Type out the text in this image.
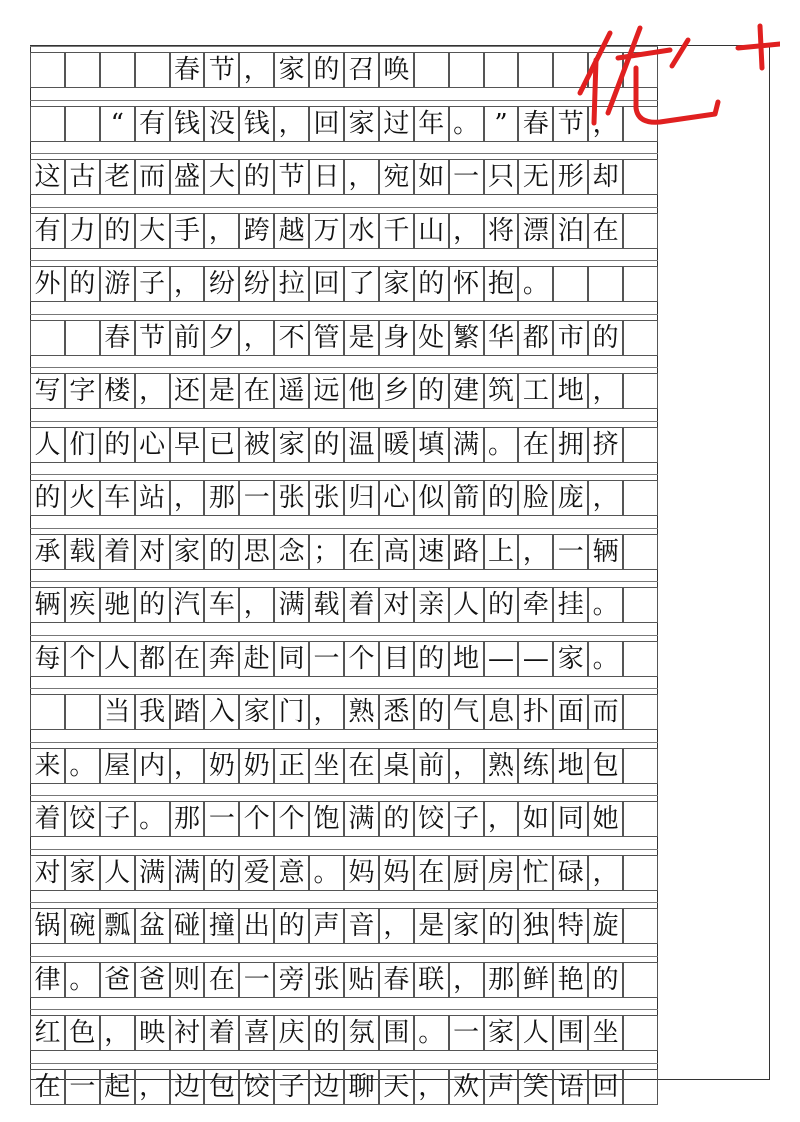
春 节 ， 家 的 召 唤
“ 有 钱 没 钱 ， 回 家 过 年 。 ” 春 节 ，
这 古 老 而 盛 大 的 节 日 ， 宛 如 一 只 无 形 却
有 力 的 大 手 ， 跨 越 万 水 千 山 ， 将 漂 泊 在
外 的 游 子 ， 纷 纷 拉 回 了 家 的 怀 抱 。
春 节 前 夕 ， 不 管 是 身 处 繁 华 都 市 的
写 字 楼 ， 还 是 在 遥 远 他 乡 的 建 筑 工 地 ，
人 们 的 心 早 已 被 家 的 温 暖 填 满 。 在 拥 挤
的 火 车 站 ， 那 一 张 张 归 心 似 箭 的 脸 庞 ，
承 载 着 对 家 的 思 念 ； 在 高 速 路 上 ， 一 辆
辆 疾 驰 的 汽 车 ， 满 载 着 对 亲 人 的 牵 挂 。
每 个 人 都 在 奔 赴 同 一 个 目 的 地 — — 家 。
当 我 踏 入 家 门 ， 熟 悉 的 气 息 扑 面 而
来 。 屋 内 ， 奶 奶 正 坐 在 桌 前 ， 熟 练 地 包
着 饺 子 。 那 一 个 个 饱 满 的 饺 子 ， 如 同 她
对 家 人 满 满 的 爱 意 。 妈 妈 在 厨 房 忙 碌 ，
锅 碗 瓢 盆 碰 撞 出 的 声 音 ， 是 家 的 独 特 旋
律 。 爸 爸 则 在 一 旁 张 贴 春 联 ， 那 鲜 艳 的
红 色 ， 映 衬 着 喜 庆 的 氛 围 。 一 家 人 围 坐
在 一 起 ， 边 包 饺 子 边 聊 天 ， 欢 声 笑 语 回
